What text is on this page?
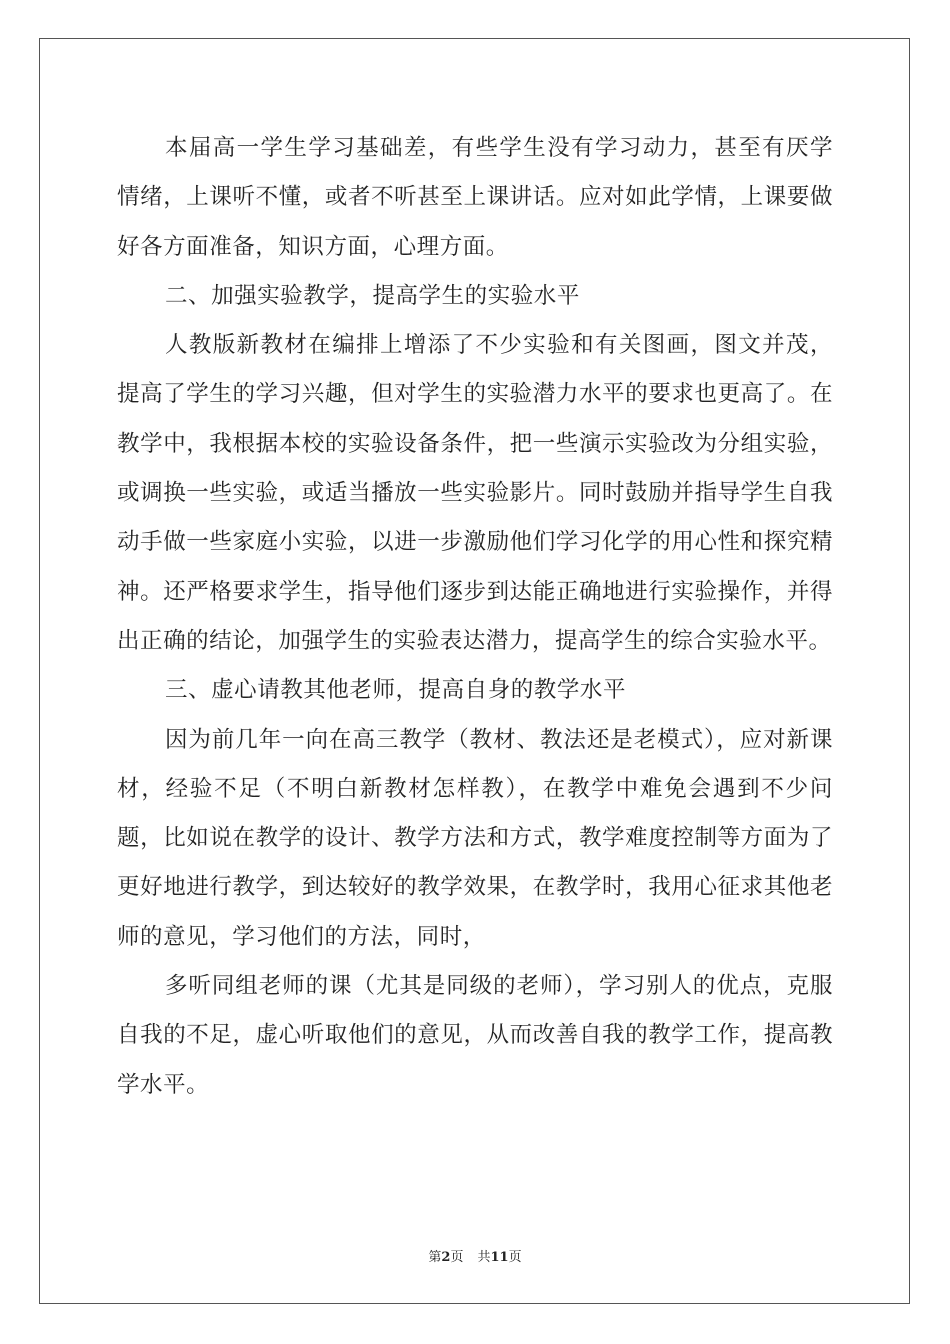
本届高一学生学习基础差，有些学生没有学习动力，甚至有厌学情绪，上课听不懂，或者不听甚至上课讲话。应对如此学情，上课要做好各方面准备，知识方面，心理方面。

二、加强实验教学，提高学生的实验水平

人教版新教材在编排上增添了不少实验和有关图画，图文并茂，提高了学生的学习兴趣，但对学生的实验潜力水平的要求也更高了。在教学中，我根据本校的实验设备条件，把一些演示实验改为分组实验，或调换一些实验，或适当播放一些实验影片。同时鼓励并指导学生自我动手做一些家庭小实验，以进一步激励他们学习化学的用心性和探究精神。还严格要求学生，指导他们逐步到达能正确地进行实验操作，并得出正确的结论，加强学生的实验表达潜力，提高学生的综合实验水平。

三、虚心请教其他老师，提高自身的教学水平

因为前几年一向在高三教学（教材、教法还是老模式），应对新课材，经验不足（不明白新教材怎样教），在教学中难免会遇到不少问题，比如说在教学的设计、教学方法和方式，教学难度控制等方面为了更好地进行教学，到达较好的教学效果，在教学时，我用心征求其他老师的意见，学习他们的方法，同时，

多听同组老师的课（尤其是同级的老师），学习别人的优点，克服自我的不足，虚心听取他们的意见，从而改善自我的教学工作，提高教学水平。

第2页 共11页
